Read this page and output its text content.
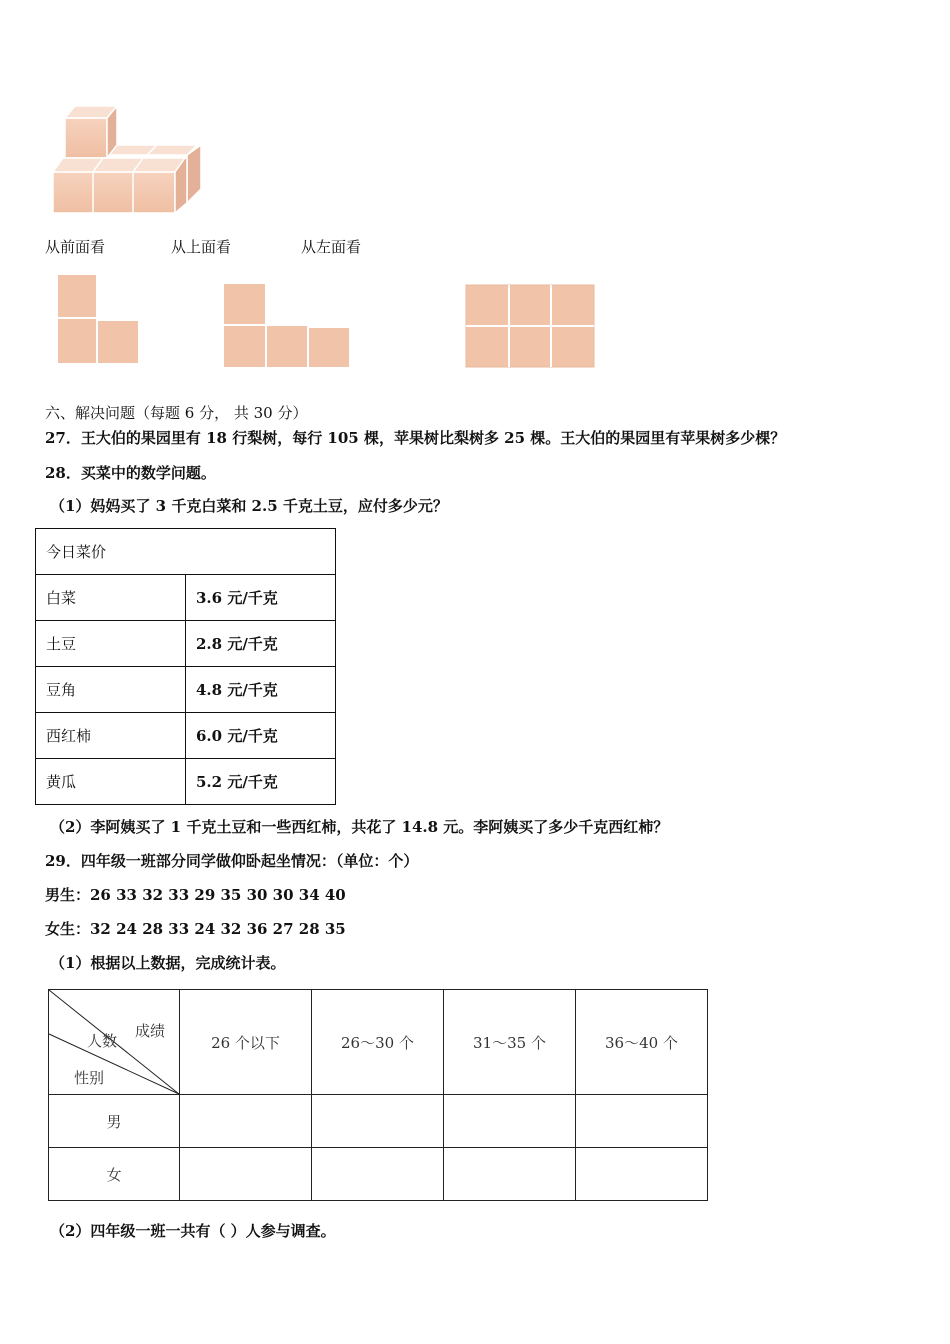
从前面看	从上面看	从左面看
六、解决问题（每题 6 分， 共 30 分）
27．王大伯的果园里有 18 行梨树，每行 105 棵，苹果树比梨树多 25 棵。王大伯的果园里有苹果树多少棵？
28．买菜中的数学问题。
（1）妈妈买了 3 千克白菜和 2.5 千克土豆，应付多少元？
今日菜价	
白菜	3.6 元/千克
土豆	2.8 元/千克
豆角	4.8 元/千克
西红柿	6.0 元/千克
黄瓜	5.2 元/千克
（2）李阿姨买了 1 千克土豆和一些西红柿，共花了 14.8 元。李阿姨买了多少千克西红柿？
29．四年级一班部分同学做仰卧起坐情况：（单位：个）
男生：26 33 32 33 29 35 30 30 34 40
女生：32 24 28 33 24 32 36 27 28 35
（1）根据以上数据，完成统计表。
成绩
人数
性别	26 个以下	26～30 个	31～35 个	36～40 个
男				
女				
（2）四年级一班一共有（ ）人参与调查。
